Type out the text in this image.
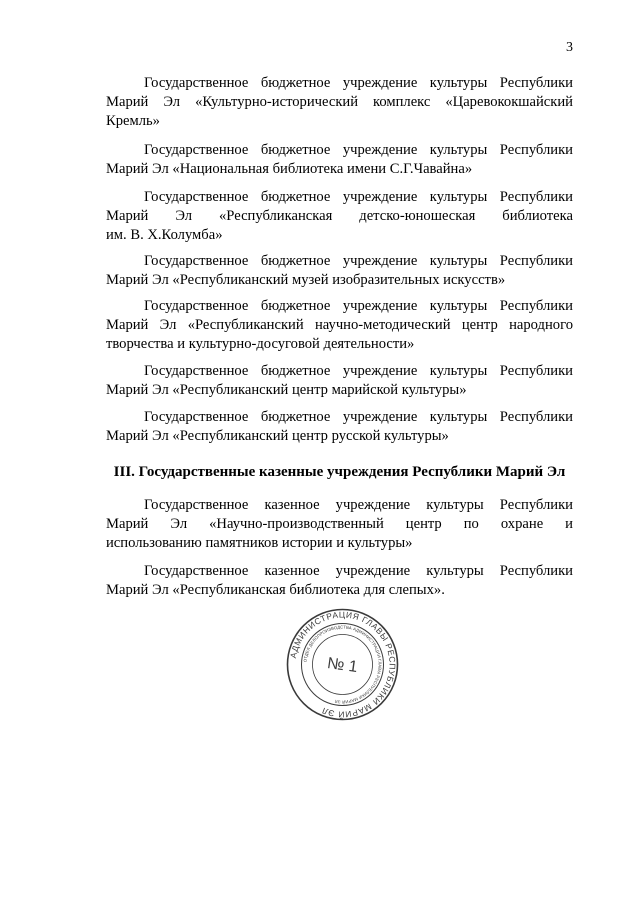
3
Государственное бюджетное учреждение культуры Республики
Марий Эл «Культурно-исторический комплекс «Царевококшайский
Кремль»
Государственное бюджетное учреждение культуры Республики
Марий Эл «Национальная библиотека имени С.Г.Чавайна»
Государственное бюджетное учреждение культуры Республики
Марий Эл «Республиканская детско-юношеская библиотека
им. В. Х.Колумба»
Государственное бюджетное учреждение культуры Республики
Марий Эл «Республиканский музей изобразительных искусств»
Государственное бюджетное учреждение культуры Республики
Марий Эл «Республиканский научно-методический центр народного
творчества и культурно-досуговой деятельности»
Государственное бюджетное учреждение культуры Республики
Марий Эл «Республиканский центр марийской культуры»
Государственное бюджетное учреждение культуры Республики
Марий Эл «Республиканский центр русской культуры»
III. Государственные казенные учреждения Республики Марий Эл
Государственное казенное учреждение культуры Республики
Марий Эл «Научно-производственный центр по охране и
использованию памятников истории и культуры»
Государственное казенное учреждение культуры Республики
Марий Эл «Республиканская библиотека для слепых».
АДМИНИСТРАЦИЯ ГЛАВЫ РЕСПУБЛИКИ МАРИЙ ЭЛ
ОТДЕЛ ДЕЛОПРОИЗВОДСТВА АДМИНИСТРАЦИИ ГЛАВЫ РЕСПУБЛИКИ МАРИЙ ЭЛ
№ 1
